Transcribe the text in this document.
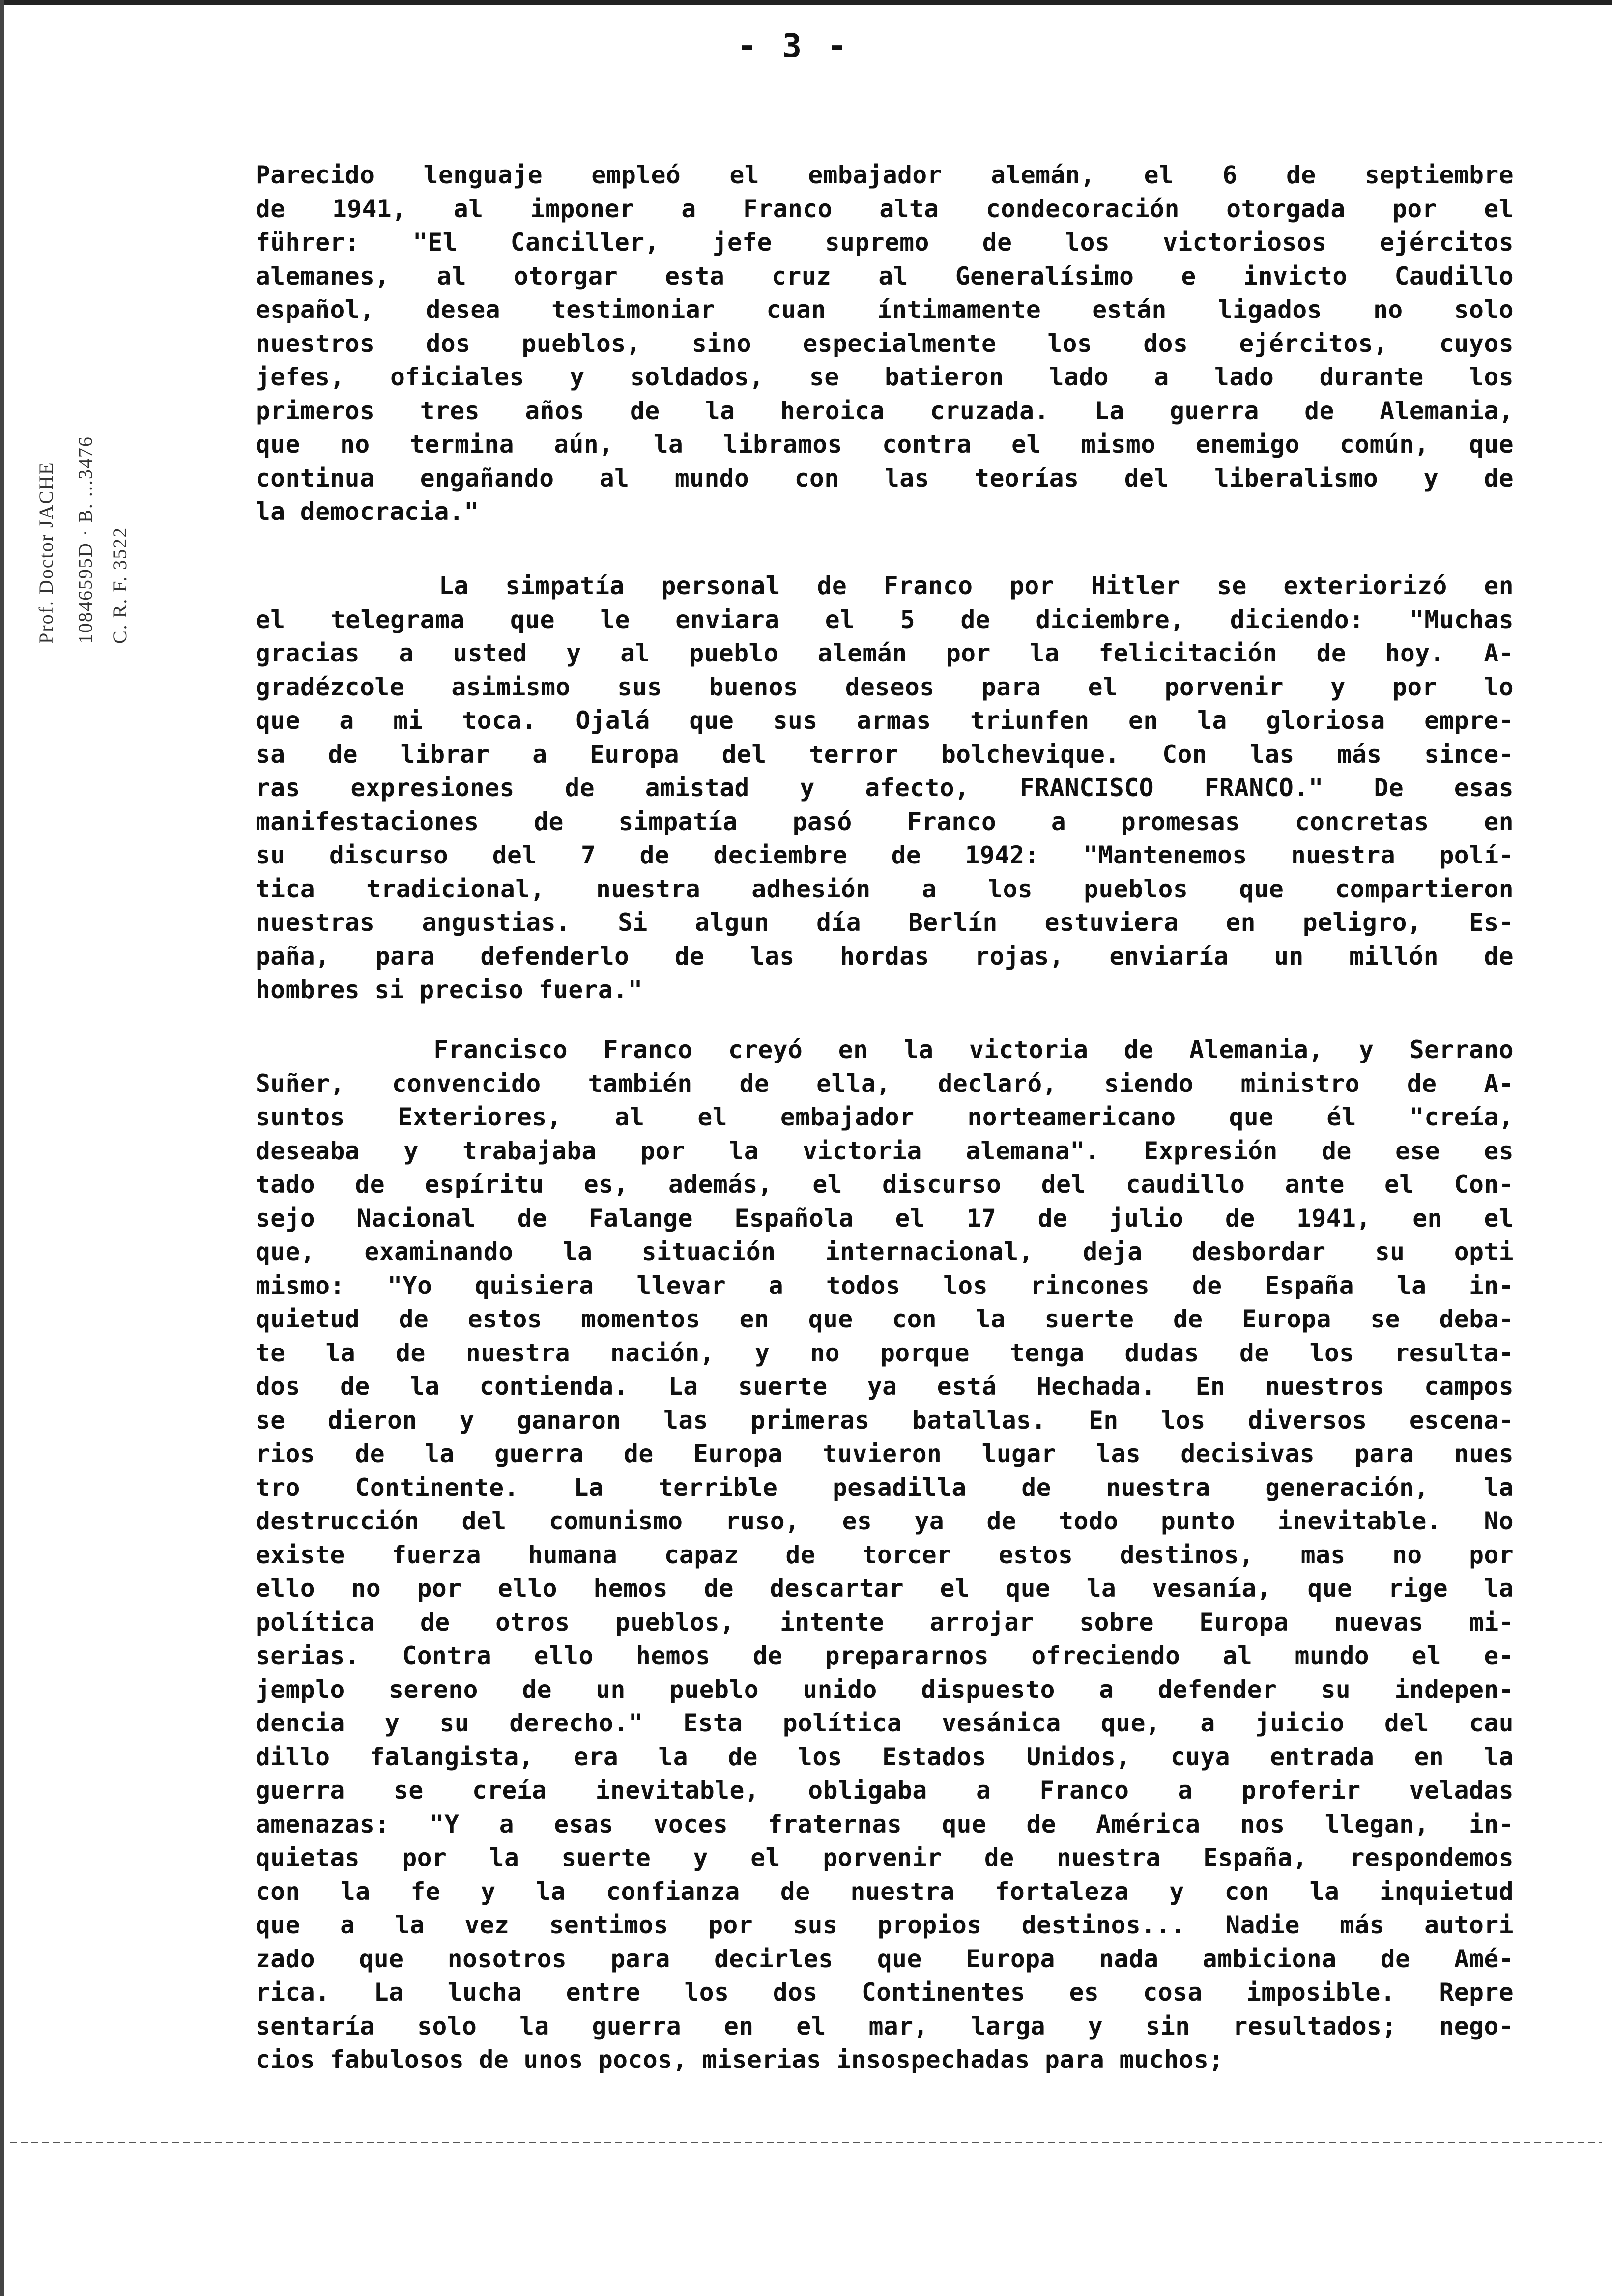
- 3 -
Prof. Doctor JACHE 10846595D · B. ...3476 C. R. F. 3522
Parecido lenguaje empleó el embajador alemán, el 6 de septiembre
de 1941, al imponer a Franco alta condecoración otorgada por el
führer: "El Canciller, jefe supremo de los victoriosos ejércitos
alemanes, al otorgar esta cruz al Generalísimo e invicto Caudillo
español, desea testimoniar cuan íntimamente están ligados no solo
nuestros dos pueblos, sino especialmente los dos ejércitos, cuyos
jefes, oficiales y soldados, se batieron lado a lado durante los
primeros tres años de la heroica cruzada. La guerra de Alemania,
que no termina aún, la libramos contra el mismo enemigo común, que
continua engañando al mundo con las teorías del liberalismo y de
la democracia."
La simpatía personal de Franco por Hitler se exteriorizó en
el telegrama que le enviara el 5 de diciembre, diciendo: "Muchas
gracias a usted y al pueblo alemán por la felicitación de hoy. A-
gradézcole asimismo sus buenos deseos para el porvenir y por lo
que a mi toca. Ojalá que sus armas triunfen en la gloriosa empre-
sa de librar a Europa del terror bolchevique. Con las más since-
ras expresiones de amistad y afecto, FRANCISCO FRANCO." De esas
manifestaciones de simpatía pasó Franco a promesas concretas en
su discurso del 7 de deciembre de 1942: "Mantenemos nuestra polí-
tica tradicional, nuestra adhesión a los pueblos que compartieron
nuestras angustias. Si algun día Berlín estuviera en peligro, Es-
paña, para defenderlo de las hordas rojas, enviaría un millón de
hombres si preciso fuera."
Francisco Franco creyó en la victoria de Alemania, y Serrano
Suñer, convencido también de ella, declaró, siendo ministro de A-
suntos Exteriores, al el embajador norteamericano que él "creía,
deseaba y trabajaba por la victoria alemana". Expresión de ese es
tado de espíritu es, además, el discurso del caudillo ante el Con-
sejo Nacional de Falange Española el 17 de julio de 1941, en el
que, examinando la situación internacional, deja desbordar su opti
mismo: "Yo quisiera llevar a todos los rincones de España la in-
quietud de estos momentos en que con la suerte de Europa se deba-
te la de nuestra nación, y no porque tenga dudas de los resulta-
dos de la contienda. La suerte ya está Hechada. En nuestros campos
se dieron y ganaron las primeras batallas. En los diversos escena-
rios de la guerra de Europa tuvieron lugar las decisivas para nues
tro Continente. La terrible pesadilla de nuestra generación, la
destrucción del comunismo ruso, es ya de todo punto inevitable. No
existe fuerza humana capaz de torcer estos destinos, mas no por
ello no por ello hemos de descartar el que la vesanía, que rige la
política de otros pueblos, intente arrojar sobre Europa nuevas mi-
serias. Contra ello hemos de prepararnos ofreciendo al mundo el e-
jemplo sereno de un pueblo unido dispuesto a defender su indepen-
dencia y su derecho." Esta política vesánica que, a juicio del cau
dillo falangista, era la de los Estados Unidos, cuya entrada en la
guerra se creía inevitable, obligaba a Franco a proferir veladas
amenazas: "Y a esas voces fraternas que de América nos llegan, in-
quietas por la suerte y el porvenir de nuestra España, respondemos
con la fe y la confianza de nuestra fortaleza y con la inquietud
que a la vez sentimos por sus propios destinos... Nadie más autori
zado que nosotros para decirles que Europa nada ambiciona de Amé-
rica. La lucha entre los dos Continentes es cosa imposible. Repre
sentaría solo la guerra en el mar, larga y sin resultados; nego-
cios fabulosos de unos pocos, miserias insospechadas para muchos;
